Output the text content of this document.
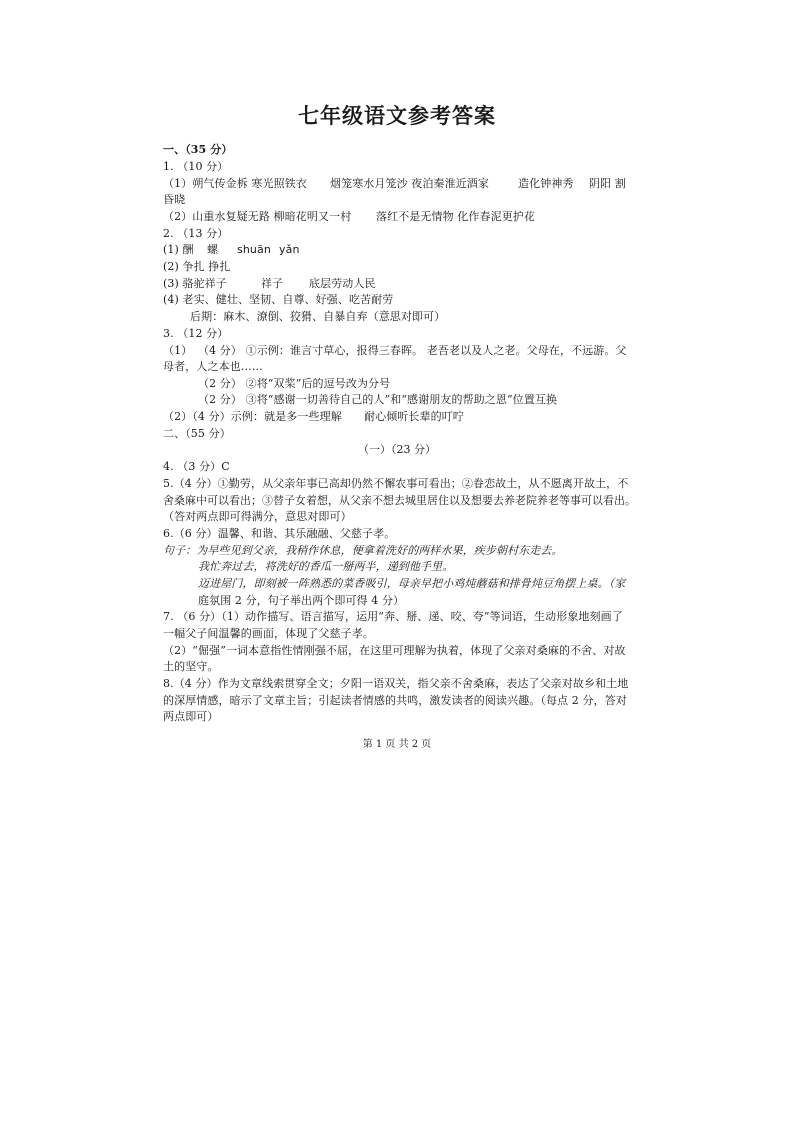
七年级语文参考答案
一、（35 分）
1. （10 分）
（1）朔气传金柝 寒光照铁衣 烟笼寒水月笼沙 夜泊秦淮近酒家	造化钟神秀 阴阳 割
昏晓
（2）山重水复疑无路 柳暗花明又一村 落红不是无情物 化作春泥更护花
2. （13 分）
(1) 酬 螺 shuān yǎn
(2) 争扎 挣扎
(3) 骆驼祥子	祥子 底层劳动人民
(4) 老实、健壮、坚韧、自尊、好强、吃苦耐劳
后期：麻木、潦倒、狡猾、自暴自弃（意思对即可）
3. （12 分）
（1） （4 分） ①示例：谁言寸草心，报得三春晖。 老吾老以及人之老。父母在，不远游。父
母者，人之本也……
（2 分） ②将“双桨”后的逗号改为分号
（2 分） ③将“感谢一切善待自己的人”和“感谢朋友的帮助之恩”位置互换
（2）（4 分）示例：就是多一些理解 耐心倾听长辈的叮咛
二、（55 分）
（一）（23 分）
4. （3 分）C
5.（4 分）①勤劳，从父亲年事已高却仍然不懈农事可看出；②眷恋故土，从不愿离开故土，不
舍桑麻中可以看出；③替子女着想，从父亲不想去城里居住以及想要去养老院养老等事可以看出。
（答对两点即可得满分，意思对即可）
6.（6 分）温馨、和谐、其乐融融、父慈子孝。
句子：为早些见到父亲，我稍作休息，便拿着洗好的两样水果，疾步朝村东走去。
我忙奔过去，将洗好的香瓜一掰两半，递到他手里。
迈进屋门，即刻被一阵熟悉的菜香吸引，母亲早把小鸡炖蘑菇和排骨炖豆角摆上桌。（家
庭氛围 2 分，句子举出两个即可得 4 分）
7. （6 分）（1）动作描写、语言描写，运用“奔、掰、递、咬、夸”等词语，生动形象地刻画了
一幅父子间温馨的画面，体现了父慈子孝。
（2）“倔强”一词本意指性情刚强不屈，在这里可理解为执着，体现了父亲对桑麻的不舍、对故
土的坚守。
8.（4 分）作为文章线索贯穿全文；夕阳一语双关，指父亲不舍桑麻，表达了父亲对故乡和土地
的深厚情感，暗示了文章主旨；引起读者情感的共鸣，激发读者的阅读兴趣。（每点 2 分，答对
两点即可）
第 1 页 共 2 页
